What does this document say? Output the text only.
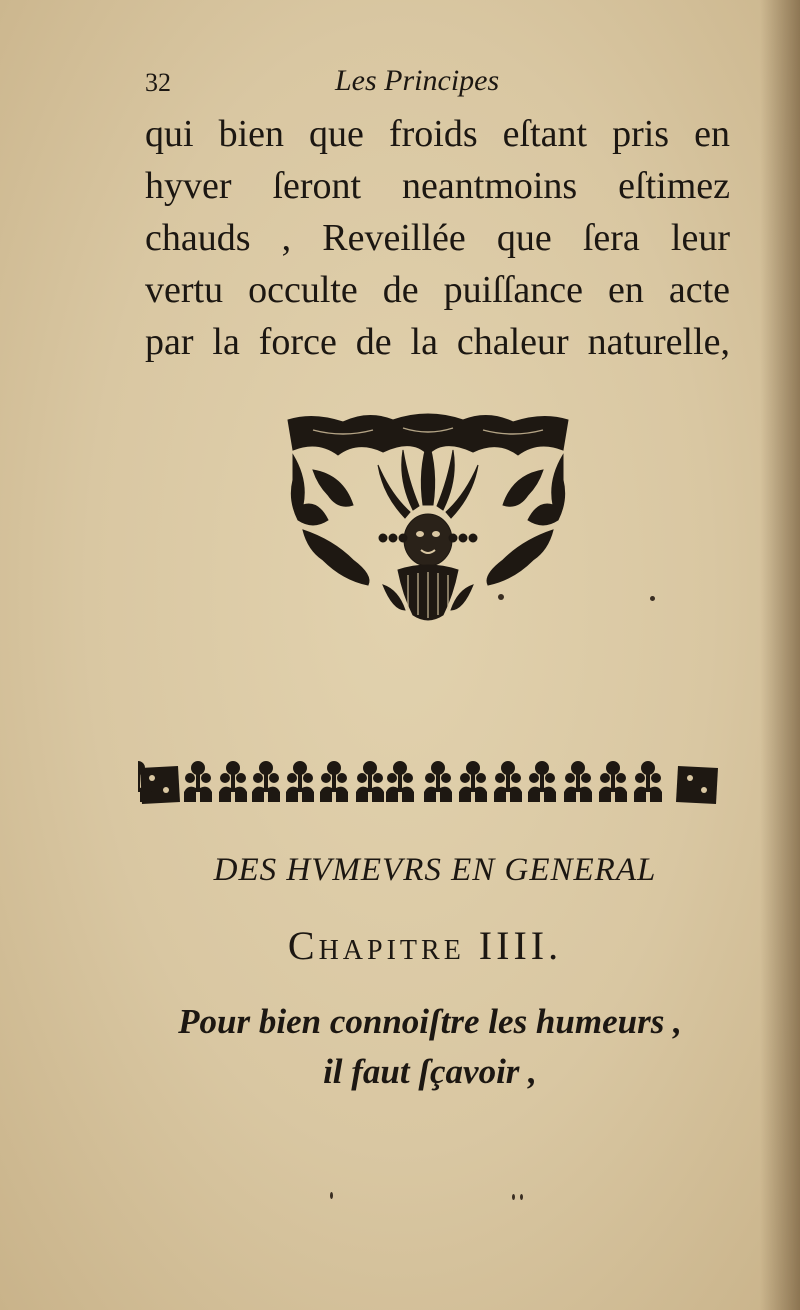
32	Les Principes
qui bien que froids eſtant pris en
hyver ſeront neantmoins eſtimez
chauds , Reveillée que ſera leur
vertu occulte de puiſſance en acte
par la force de la chaleur naturelle,
DES HVMEVRS EN GENERAL
Chapitre IIII.
Pour bien connoiſtre les humeurs ,
il faut ſçavoir ,
